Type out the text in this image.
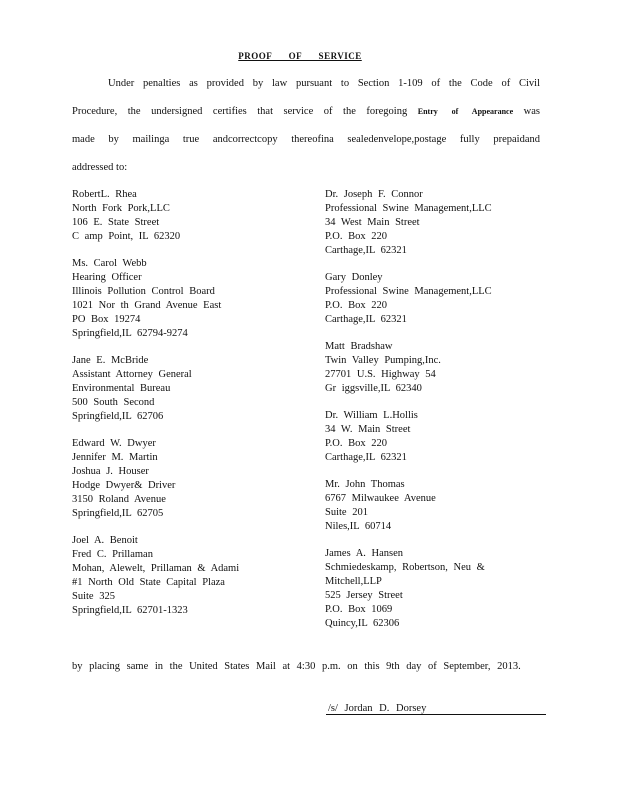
PROOF OF SERVICE
Under penalties as provided by law pursuant to Section 1-109 of the Code of Civil
Procedure, the undersigned certifies that service of the foregoing Entry of Appearance was
made by mailinga true andcorrectcopy thereofina sealedenvelope,postage fully prepaidand
addressed to:
RobertL. Rhea
North Fork Pork,LLC
106 E. State Street
C amp Point, IL 62320
Ms. Carol Webb
Hearing Officer
Illinois Pollution Control Board
1021 Nor th Grand Avenue East
PO Box 19274
Springfield,IL 62794-9274
Jane E. McBride
Assistant Attorney General
Environmental Bureau
500 South Second
Springfield,IL 62706
Edward W. Dwyer
Jennifer M. Martin
Joshua J. Houser
Hodge Dwyer& Driver
3150 Roland Avenue
Springfield,IL 62705
Joel A. Benoit
Fred C. Prillaman
Mohan, Alewelt, Prillaman & Adami
#1 North Old State Capital Plaza
Suite 325
Springfield,IL 62701-1323
Dr. Joseph F. Connor
Professional Swine Management,LLC
34 West Main Street
P.O. Box 220
Carthage,IL 62321
Gary Donley
Professional Swine Management,LLC
P.O. Box 220
Carthage,IL 62321
Matt Bradshaw
Twin Valley Pumping,Inc.
27701 U.S. Highway 54
Gr iggsville,IL 62340
Dr. William L.Hollis
34 W. Main Street
P.O. Box 220
Carthage,IL 62321
Mr. John Thomas
6767 Milwaukee Avenue
Suite 201
Niles,IL 60714
James A. Hansen
Schmiedeskamp, Robertson, Neu &
Mitchell,LLP
525 Jersey Street
P.O. Box 1069
Quincy,IL 62306
by placing same in the United States Mail at 4:30 p.m. on this 9th day of September, 2013.
/s/ Jordan D. Dorsey
